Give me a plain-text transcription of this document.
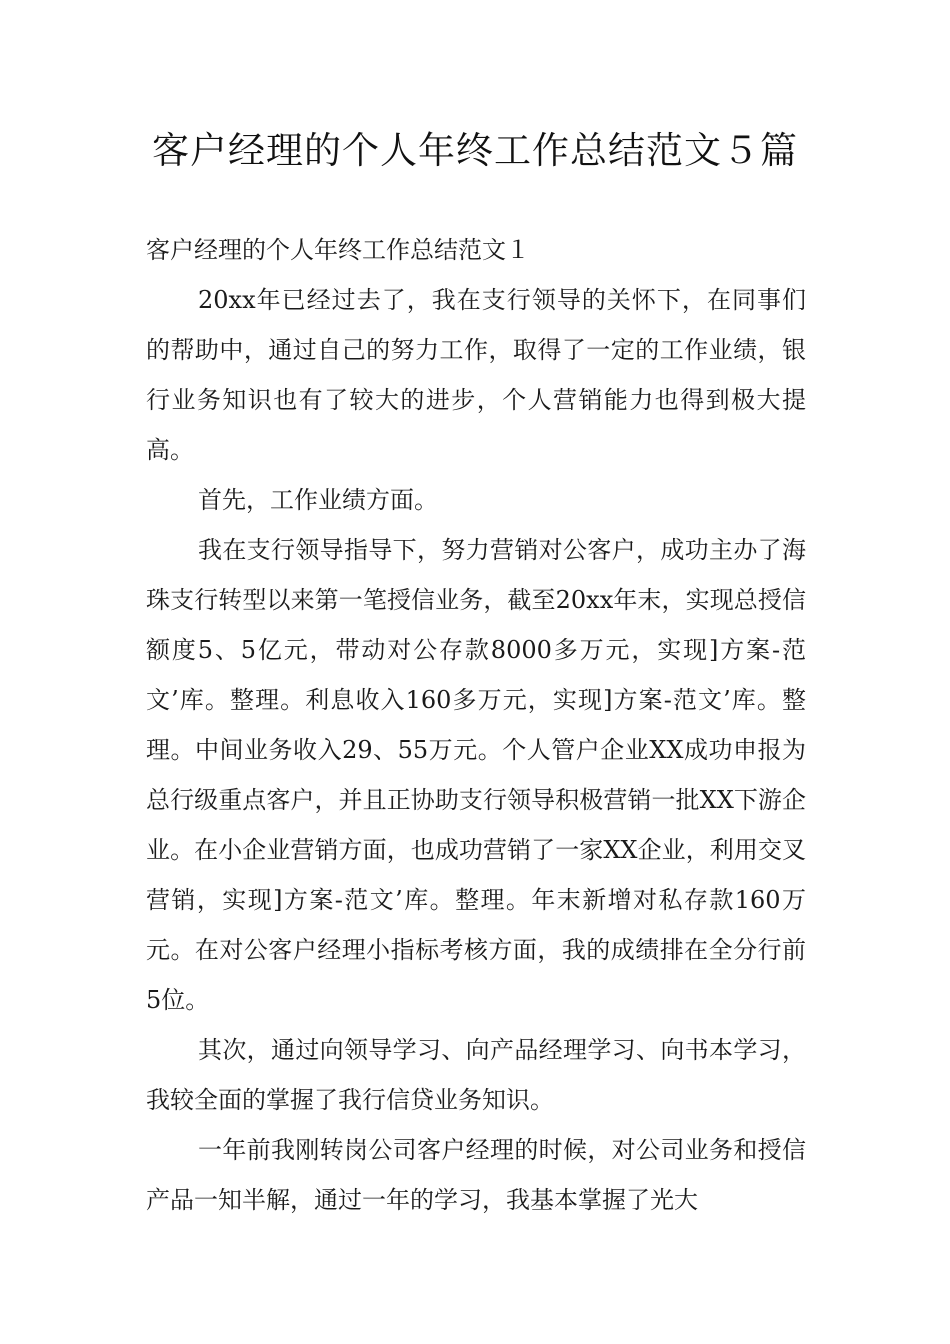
客户经理的个人年终工作总结范文５篇

客户经理的个人年终工作总结范文１

20xx年已经过去了，我在支行领导的关怀下，在同事们的帮助中，通过自己的努力工作，取得了一定的工作业绩，银行业务知识也有了较大的进步，个人营销能力也得到极大提高。

首先，工作业绩方面。

我在支行领导指导下，努力营销对公客户，成功主办了海珠支行转型以来第一笔授信业务，截至20xx年末，实现总授信额度5、5亿元，带动对公存款8000多万元，实现]方案-范文’库。整理。利息收入160多万元，实现]方案-范文’库。整理。中间业务收入29、55万元。个人管户企业XX成功申报为总行级重点客户，并且正协助支行领导积极营销一批XX下游企业。在小企业营销方面，也成功营销了一家XX企业，利用交叉营销，实现]方案-范文’库。整理。年末新增对私存款160万元。在对公客户经理小指标考核方面，我的成绩排在全分行前5位。

其次，通过向领导学习、向产品经理学习、向书本学习，我较全面的掌握了我行信贷业务知识。

一年前我刚转岗公司客户经理的时候，对公司业务和授信产品一知半解，通过一年的学习，我基本掌握了光大
